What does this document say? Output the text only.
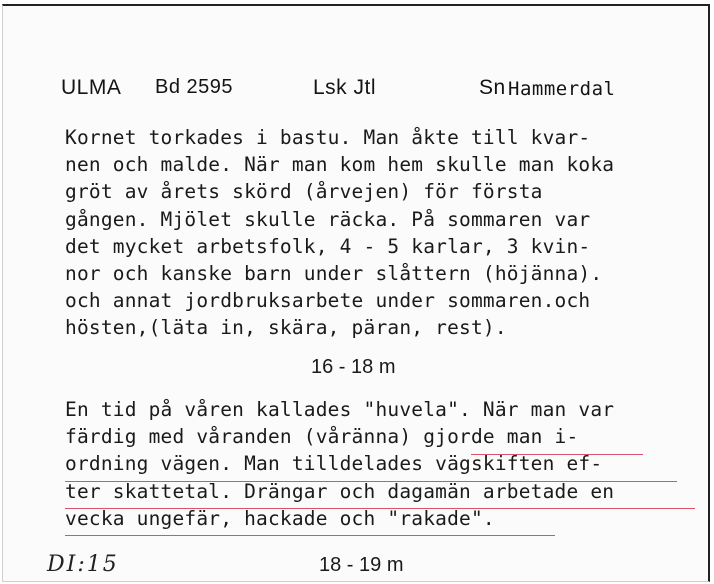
ULMA Bd 2595	Lsk Jtl	Sn Hammerdal
Kornet torkades i bastu. Man åkte till kvar-
nen och malde. När man kom hem skulle man koka
gröt av årets skörd (årvejen) för första
gången. Mjölet skulle räcka. På sommaren var
det mycket arbetsfolk, 4 - 5 karlar, 3 kvin-
nor och kanske barn under slåttern (höjänna).
och annat jordbruksarbete under sommaren.och
hösten,(läta in, skära, päran, rest).
16 - 18 m
En tid på våren kallades "huvela". När man var
färdig med våranden (våränna) gjorde man i-
ordning vägen. Man tilldelades vägskiften ef-
ter skattetal. Drängar och dagamän arbetade en
vecka ungefär, hackade och "rakade".
DI:15	18 - 19 m
